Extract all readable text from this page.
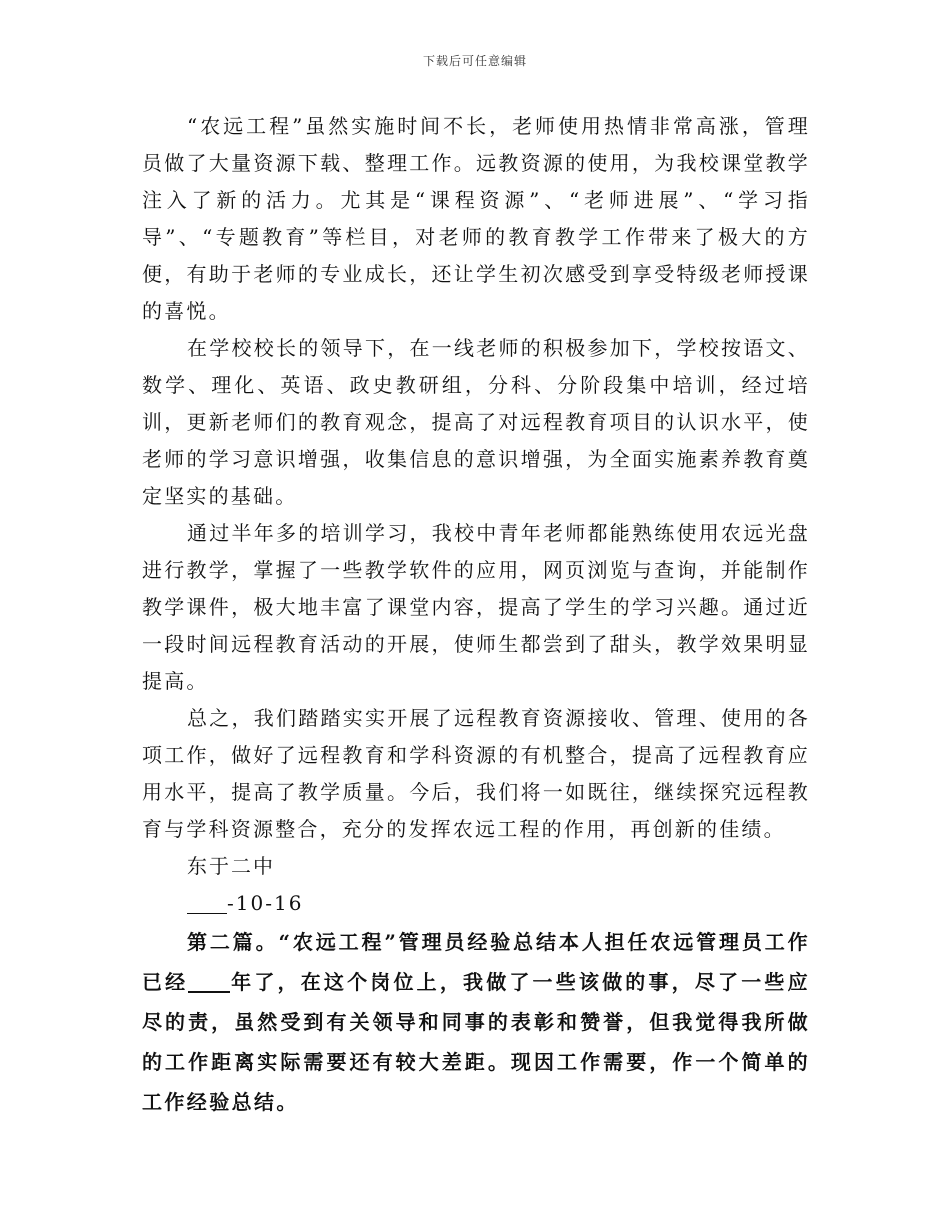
下载后可任意编辑

“农远工程”虽然实施时间不长，老师使用热情非常高涨，管理员做了大量资源下载、整理工作。远教资源的使用，为我校课堂教学注入了新的活力。尤其是“课程资源”、“老师进展”、“学习指导”、“专题教育”等栏目，对老师的教育教学工作带来了极大的方便，有助于老师的专业成长，还让学生初次感受到享受特级老师授课的喜悦。

在学校校长的领导下，在一线老师的积极参加下，学校按语文、数学、理化、英语、政史教研组，分科、分阶段集中培训，经过培训，更新老师们的教育观念，提高了对远程教育项目的认识水平，使老师的学习意识增强，收集信息的意识增强，为全面实施素养教育奠定坚实的基础。

通过半年多的培训学习，我校中青年老师都能熟练使用农远光盘进行教学，掌握了一些教学软件的应用，网页浏览与查询，并能制作教学课件，极大地丰富了课堂内容，提高了学生的学习兴趣。通过近一段时间远程教育活动的开展，使师生都尝到了甜头，教学效果明显提高。

总之，我们踏踏实实开展了远程教育资源接收、管理、使用的各项工作，做好了远程教育和学科资源的有机整合，提高了远程教育应用水平，提高了教学质量。今后，我们将一如既往，继续探究远程教育与学科资源整合，充分的发挥农远工程的作用，再创新的佳绩。

东于二中

-10-16

第二篇。“农远工程”管理员经验总结本人担任农远管理员工作已经 年了，在这个岗位上，我做了一些该做的事，尽了一些应尽的责，虽然受到有关领导和同事的表彰和赞誉，但我觉得我所做的工作距离实际需要还有较大差距。现因工作需要，作一个简单的工作经验总结。
